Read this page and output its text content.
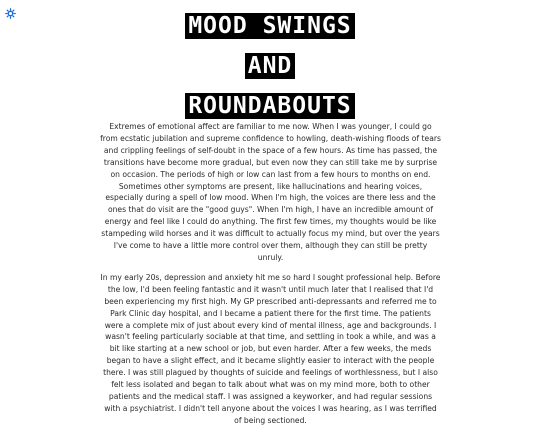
MOOD SWINGS
AND
ROUNDABOUTS

Extremes of emotional affect are familiar to me now. When I was younger, I could go from ecstatic jubilation and supreme confidence to howling, death-wishing floods of tears and crippling feelings of self-doubt in the space of a few hours. As time has passed, the transitions have become more gradual, but even now they can still take me by surprise on occasion. The periods of high or low can last from a few hours to months on end. Sometimes other symptoms are present, like hallucinations and hearing voices, especially during a spell of low mood. When I'm high, the voices are there less and the ones that do visit are the "good guys". When I'm high, I have an incredible amount of energy and feel like I could do anything. The first few times, my thoughts would be like stampeding wild horses and it was difficult to actually focus my mind, but over the years I've come to have a little more control over them, although they can still be pretty unruly.

In my early 20s, depression and anxiety hit me so hard I sought professional help. Before the low, I'd been feeling fantastic and it wasn't until much later that I realised that I'd been experiencing my first high. My GP prescribed anti-depressants and referred me to Park Clinic day hospital, and I became a patient there for the first time. The patients were a complete mix of just about every kind of mental illness, age and backgrounds. I wasn't feeling particularly sociable at that time, and settling in took a while, and was a bit like starting at a new school or job, but even harder. After a few weeks, the meds began to have a slight effect, and it became slightly easier to interact with the people there. I was still plagued by thoughts of suicide and feelings of worthlessness, but I also felt less isolated and began to talk about what was on my mind more, both to other patients and the medical staff. I was assigned a keyworker, and had regular sessions with a psychiatrist. I didn't tell anyone about the voices I was hearing, as I was terrified of being sectioned.
